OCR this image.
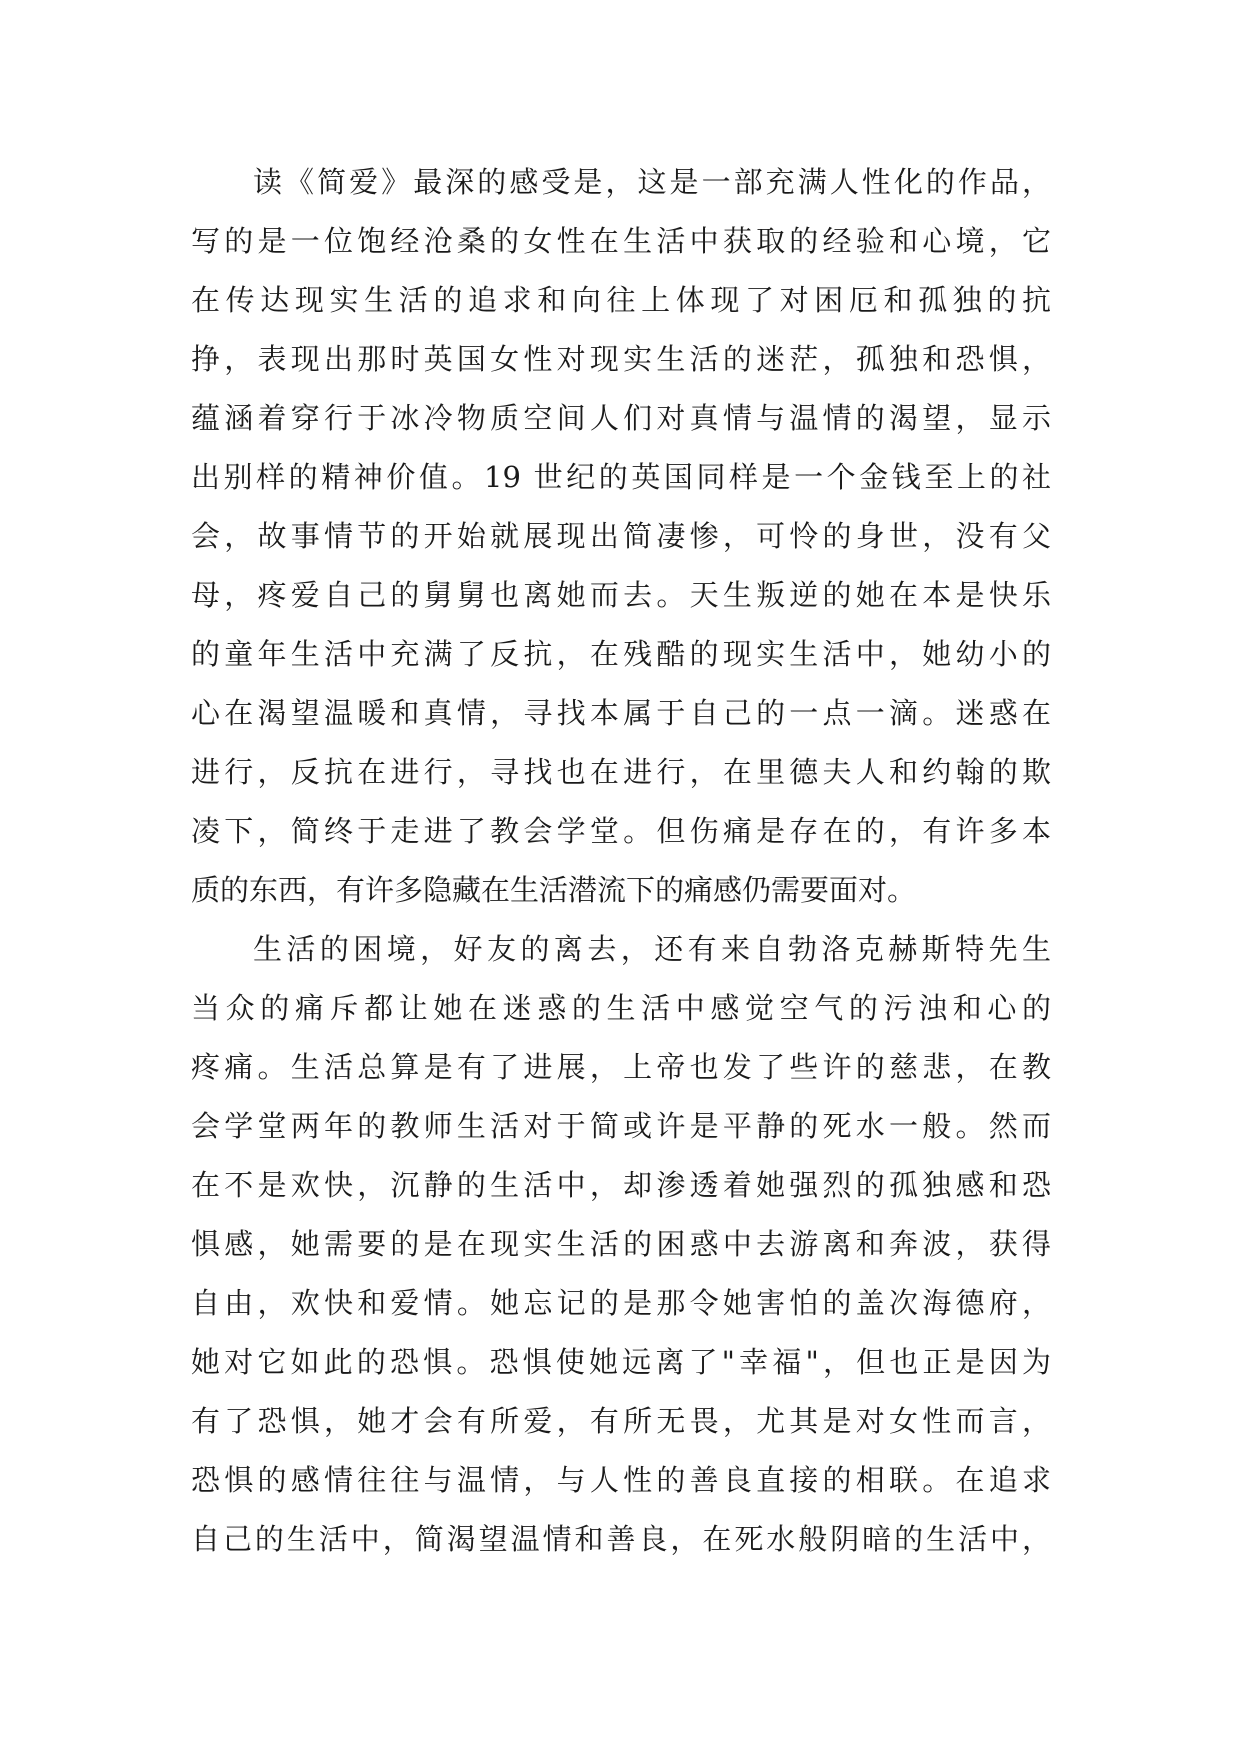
读《简爱》最深的感受是，这是一部充满人性化的作品，
写的是一位饱经沧桑的女性在生活中获取的经验和心境，它
在传达现实生活的追求和向往上体现了对困厄和孤独的抗
挣，表现出那时英国女性对现实生活的迷茫，孤独和恐惧，
蕴涵着穿行于冰冷物质空间人们对真情与温情的渴望，显示
出别样的精神价值。19 世纪的英国同样是一个金钱至上的社
会，故事情节的开始就展现出简凄惨，可怜的身世，没有父
母，疼爱自己的舅舅也离她而去。天生叛逆的她在本是快乐
的童年生活中充满了反抗，在残酷的现实生活中，她幼小的
心在渴望温暖和真情，寻找本属于自己的一点一滴。迷惑在
进行，反抗在进行，寻找也在进行，在里德夫人和约翰的欺
凌下，简终于走进了教会学堂。但伤痛是存在的，有许多本
质的东西，有许多隐藏在生活潜流下的痛感仍需要面对。
生活的困境，好友的离去，还有来自勃洛克赫斯特先生
当众的痛斥都让她在迷惑的生活中感觉空气的污浊和心的
疼痛。生活总算是有了进展，上帝也发了些许的慈悲，在教
会学堂两年的教师生活对于简或许是平静的死水一般。然而
在不是欢快，沉静的生活中，却渗透着她强烈的孤独感和恐
惧感，她需要的是在现实生活的困惑中去游离和奔波，获得
自由，欢快和爱情。她忘记的是那令她害怕的盖次海德府，
她对它如此的恐惧。恐惧使她远离了"幸福"，但也正是因为
有了恐惧，她才会有所爱，有所无畏，尤其是对女性而言，
恐惧的感情往往与温情，与人性的善良直接的相联。在追求
自己的生活中，简渴望温情和善良，在死水般阴暗的生活中，
